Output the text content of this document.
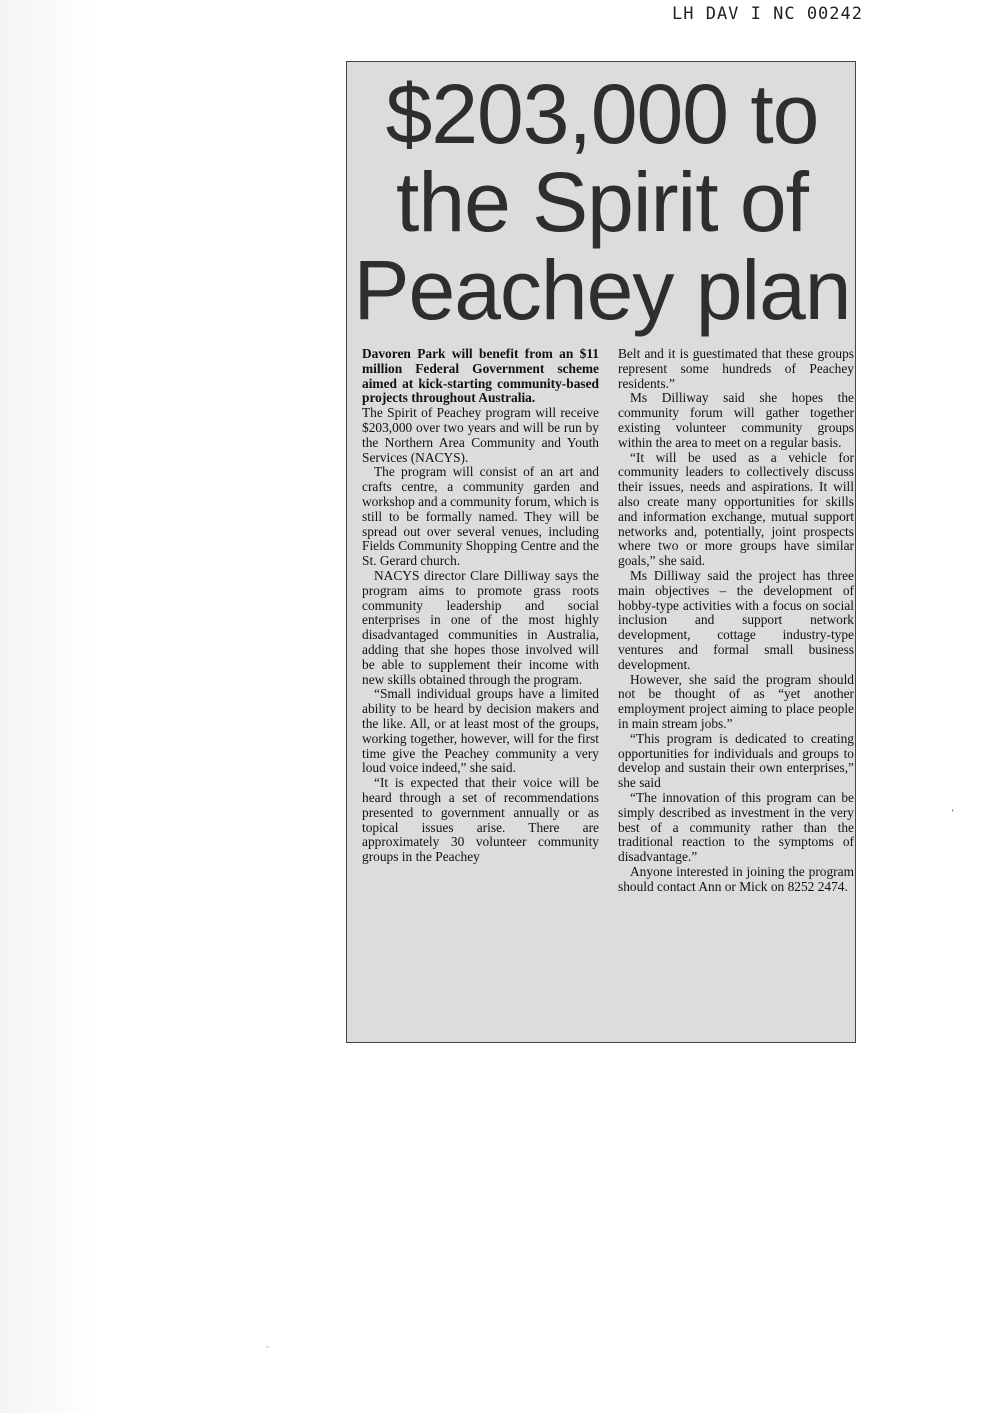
LH DAV I NC 00242
$203,000 to
the Spirit of
Peachey plan

Davoren Park will benefit from an $11 million Federal Government scheme aimed at kick-starting community-based projects throughout Australia.

The Spirit of Peachey program will receive $203,000 over two years and will be run by the Northern Area Community and Youth Services (NACYS).

The program will consist of an art and crafts centre, a community garden and workshop and a community forum, which is still to be formally named. They will be spread out over several venues, including Fields Community Shopping Centre and the St. Gerard church.

NACYS director Clare Dilliway says the program aims to promote grass roots community leadership and social enterprises in one of the most highly disadvantaged communities in Australia, adding that she hopes those involved will be able to supplement their income with new skills obtained through the program.

“Small individual groups have a limited ability to be heard by decision makers and the like. All, or at least most of the groups, working together, however, will for the first time give the Peachey community a very loud voice indeed,” she said.

“It is expected that their voice will be heard through a set of recommendations presented to government annually or as topical issues arise. There are approximately 30 volunteer community groups in the Peachey

Belt and it is guestimated that these groups represent some hundreds of Peachey residents.”

Ms Dilliway said she hopes the community forum will gather together existing volunteer community groups within the area to meet on a regular basis.

“It will be used as a vehicle for community leaders to collectively discuss their issues, needs and aspirations. It will also create many opportunities for skills and information exchange, mutual support networks and, potentially, joint prospects where two or more groups have similar goals,” she said.

Ms Dilliway said the project has three main objectives – the development of hobby-type activities with a focus on social inclusion and support network development, cottage industry-type ventures and formal small business development.

However, she said the program should not be thought of as “yet another employment project aiming to place people in main stream jobs.”

“This program is dedicated to creating opportunities for individuals and groups to develop and sustain their own enterprises,” she said

“The innovation of this program can be simply described as investment in the very best of a community rather than the traditional reaction to the symptoms of disadvantage.”

Anyone interested in joining the program should contact Ann or Mick on 8252 2474.

ʻ
ᵕ
